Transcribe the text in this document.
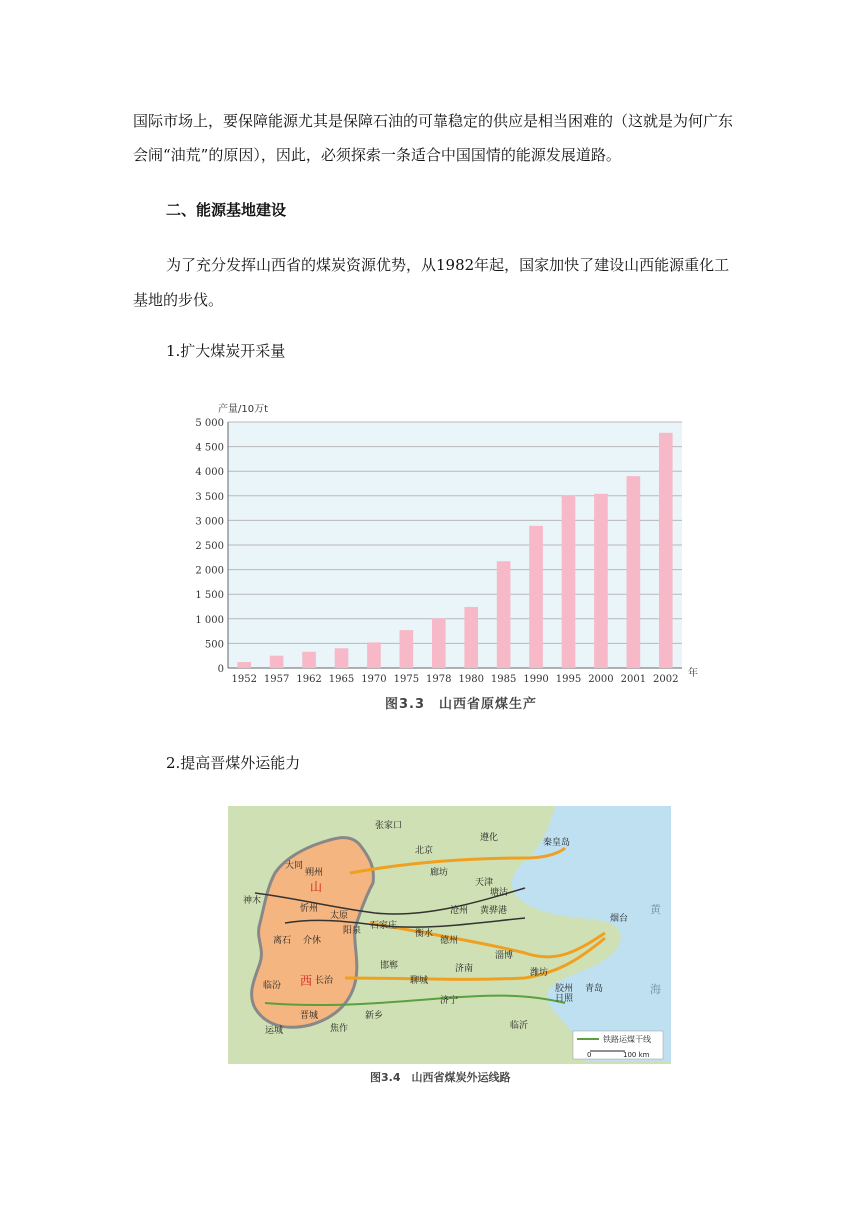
国际市场上，要保障能源尤其是保障石油的可靠稳定的供应是相当困难的（这就是为何广东

会闹“油荒”的原因），因此，必须探索一条适合中国国情的能源发展道路。

二、能源基地建设

为了充分发挥山西省的煤炭资源优势，从1982年起，国家加快了建设山西能源重化工

基地的步伐。

1.扩大煤炭开采量

0
500
1 000
1 500
2 000
2 500
3 000
3 500
4 000
4 500
5 000
1952 1957 1962 1965 1970 1975 1978 1980 1985 1990 1995 2000 2001 2002
产量/10万t
年
图3.3　山西省原煤生产

2.提高晋煤外运能力

张家口
遵化	秦皇岛
北京
大同
朔州	廊坊
天津
塘沽
神木
忻州
太原
阳泉 石家庄
沧州 黄骅港
离石 介休
衡水
德州
烟台
淄博
潍坊
邯郸
长治
济南
聊城
胶州 青岛
临汾
晋城	新乡
济宁	日照
运城	焦作	临沂
山
西
黄
海
铁路运煤干线
0	100 km
图3.4　山西省煤炭外运线路
